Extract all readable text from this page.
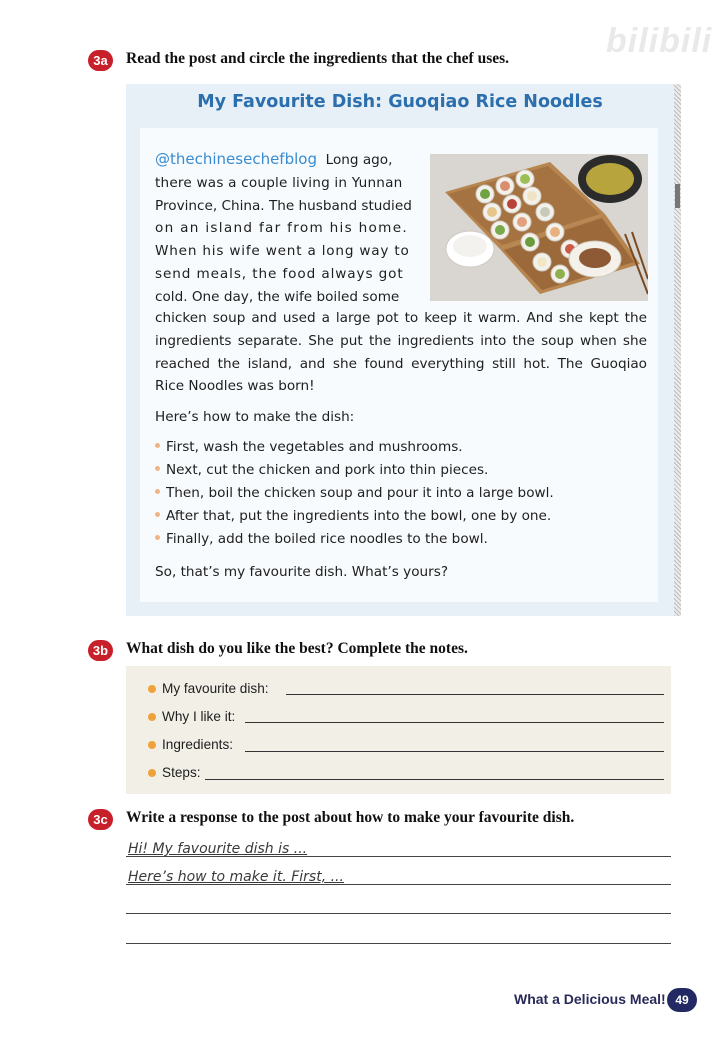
bilibili
3a	Read the post and circle the ingredients that the chef uses.
My Favourite Dish: Guoqiao Rice Noodles
@thechinesechefblog Long ago,
there was a couple living in Yunnan
Province, China. The husband studied
on an island far from his home.
When his wife went a long way to
send meals, the food always got
cold. One day, the wife boiled some
chicken soup and used a large pot to keep it warm. And she kept the
ingredients separate. She put the ingredients into the soup when she
reached the island, and she found everything still hot. The Guoqiao
Rice Noodles was born!
Here’s how to make the dish:
First, wash the vegetables and mushrooms.
Next, cut the chicken and pork into thin pieces.
Then, boil the chicken soup and pour it into a large bowl.
After that, put the ingredients into the bowl, one by one.
Finally, add the boiled rice noodles to the bowl.
So, that’s my favourite dish. What’s yours?
3b	What dish do you like the best? Complete the notes.
My favourite dish:
Why I like it:
Ingredients:
Steps:
3c	Write a response to the post about how to make your favourite dish.
Hi! My favourite dish is ...
Here’s how to make it. First, ...
What a Delicious Meal! 49
